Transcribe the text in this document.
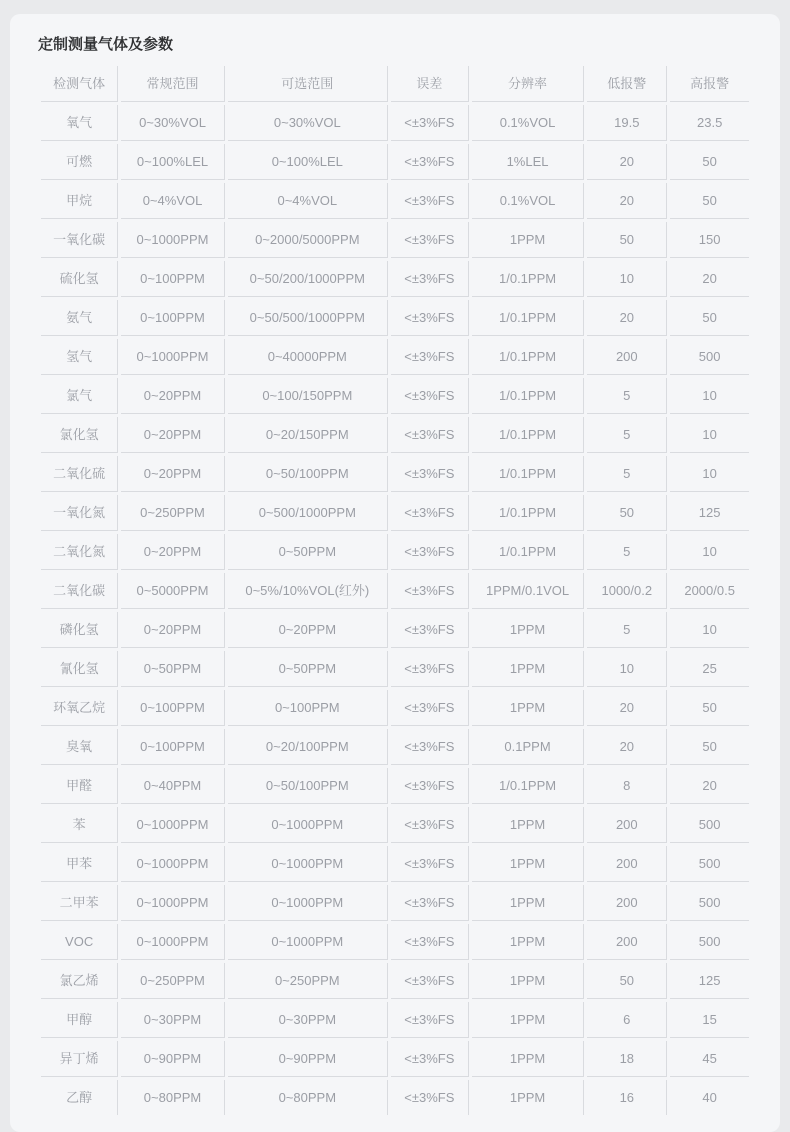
定制测量气体及参数
检测气体	常规范围	可选范围	误差	分辨率	低报警	高报警
氧气	0~30%VOL	0~30%VOL	<±3%FS	0.1%VOL	19.5	23.5
可燃	0~100%LEL	0~100%LEL	<±3%FS	1%LEL	20	50
甲烷	0~4%VOL	0~4%VOL	<±3%FS	0.1%VOL	20	50
一氧化碳	0~1000PPM	0~2000/5000PPM	<±3%FS	1PPM	50	150
硫化氢	0~100PPM	0~50/200/1000PPM	<±3%FS	1/0.1PPM	10	20
氨气	0~100PPM	0~50/500/1000PPM	<±3%FS	1/0.1PPM	20	50
氢气	0~1000PPM	0~40000PPM	<±3%FS	1/0.1PPM	200	500
氯气	0~20PPM	0~100/150PPM	<±3%FS	1/0.1PPM	5	10
氯化氢	0~20PPM	0~20/150PPM	<±3%FS	1/0.1PPM	5	10
二氧化硫	0~20PPM	0~50/100PPM	<±3%FS	1/0.1PPM	5	10
一氧化氮	0~250PPM	0~500/1000PPM	<±3%FS	1/0.1PPM	50	125
二氧化氮	0~20PPM	0~50PPM	<±3%FS	1/0.1PPM	5	10
二氧化碳	0~5000PPM	0~5%/10%VOL(红外)	<±3%FS	1PPM/0.1VOL	1000/0.2	2000/0.5
磷化氢	0~20PPM	0~20PPM	<±3%FS	1PPM	5	10
氰化氢	0~50PPM	0~50PPM	<±3%FS	1PPM	10	25
环氧乙烷	0~100PPM	0~100PPM	<±3%FS	1PPM	20	50
臭氧	0~100PPM	0~20/100PPM	<±3%FS	0.1PPM	20	50
甲醛	0~40PPM	0~50/100PPM	<±3%FS	1/0.1PPM	8	20
苯	0~1000PPM	0~1000PPM	<±3%FS	1PPM	200	500
甲苯	0~1000PPM	0~1000PPM	<±3%FS	1PPM	200	500
二甲苯	0~1000PPM	0~1000PPM	<±3%FS	1PPM	200	500
VOC	0~1000PPM	0~1000PPM	<±3%FS	1PPM	200	500
氯乙烯	0~250PPM	0~250PPM	<±3%FS	1PPM	50	125
甲醇	0~30PPM	0~30PPM	<±3%FS	1PPM	6	15
异丁烯	0~90PPM	0~90PPM	<±3%FS	1PPM	18	45
乙醇	0~80PPM	0~80PPM	<±3%FS	1PPM	16	40
